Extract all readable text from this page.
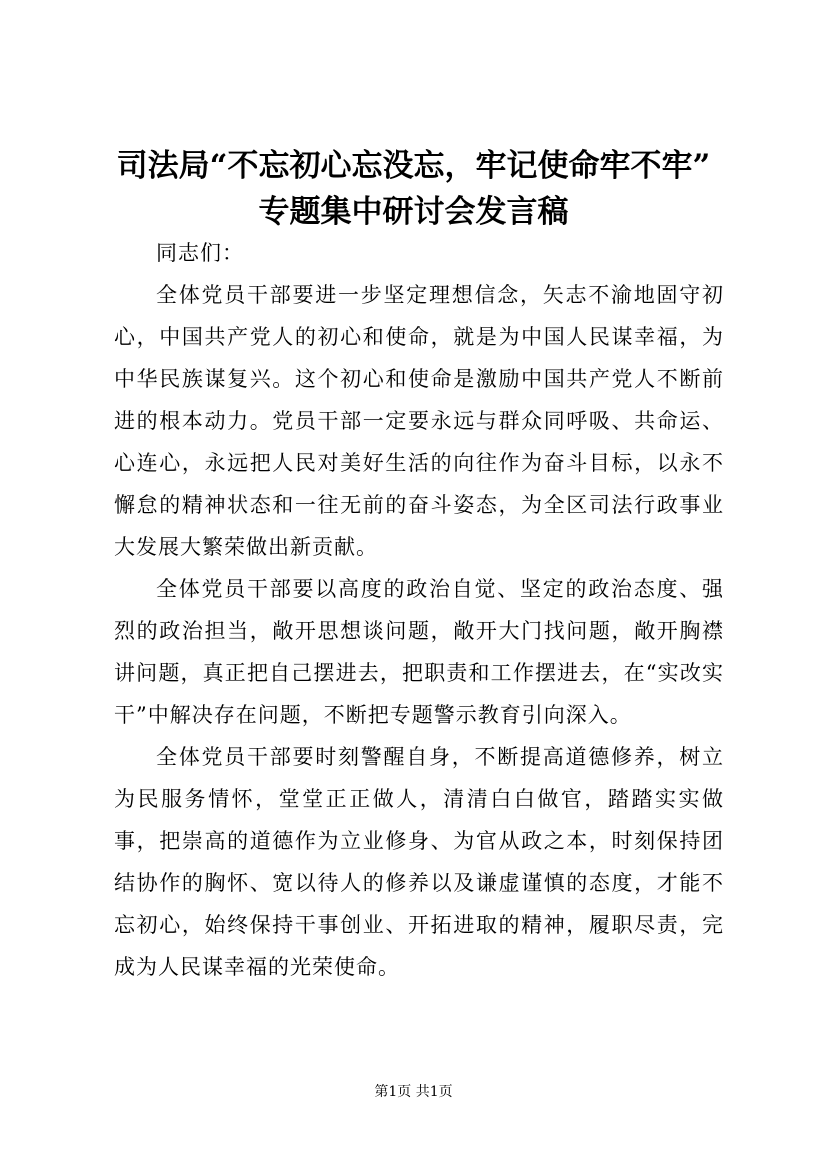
司法局“不忘初心忘没忘，牢记使命牢不牢”
专题集中研讨会发言稿

同志们：

全体党员干部要进一步坚定理想信念，矢志不渝地固守初心，中国共产党人的初心和使命，就是为中国人民谋幸福，为中华民族谋复兴。这个初心和使命是激励中国共产党人不断前进的根本动力。党员干部一定要永远与群众同呼吸、共命运、心连心，永远把人民对美好生活的向往作为奋斗目标，以永不懈怠的精神状态和一往无前的奋斗姿态，为全区司法行政事业大发展大繁荣做出新贡献。

全体党员干部要以高度的政治自觉、坚定的政治态度、强烈的政治担当，敞开思想谈问题，敞开大门找问题，敞开胸襟讲问题，真正把自己摆进去，把职责和工作摆进去，在“实改实干”中解决存在问题，不断把专题警示教育引向深入。

全体党员干部要时刻警醒自身，不断提高道德修养，树立为民服务情怀，堂堂正正做人，清清白白做官，踏踏实实做事，把崇高的道德作为立业修身、为官从政之本，时刻保持团结协作的胸怀、宽以待人的修养以及谦虚谨慎的态度，才能不忘初心，始终保持干事创业、开拓进取的精神，履职尽责，完成为人民谋幸福的光荣使命。

第1页 共1页
